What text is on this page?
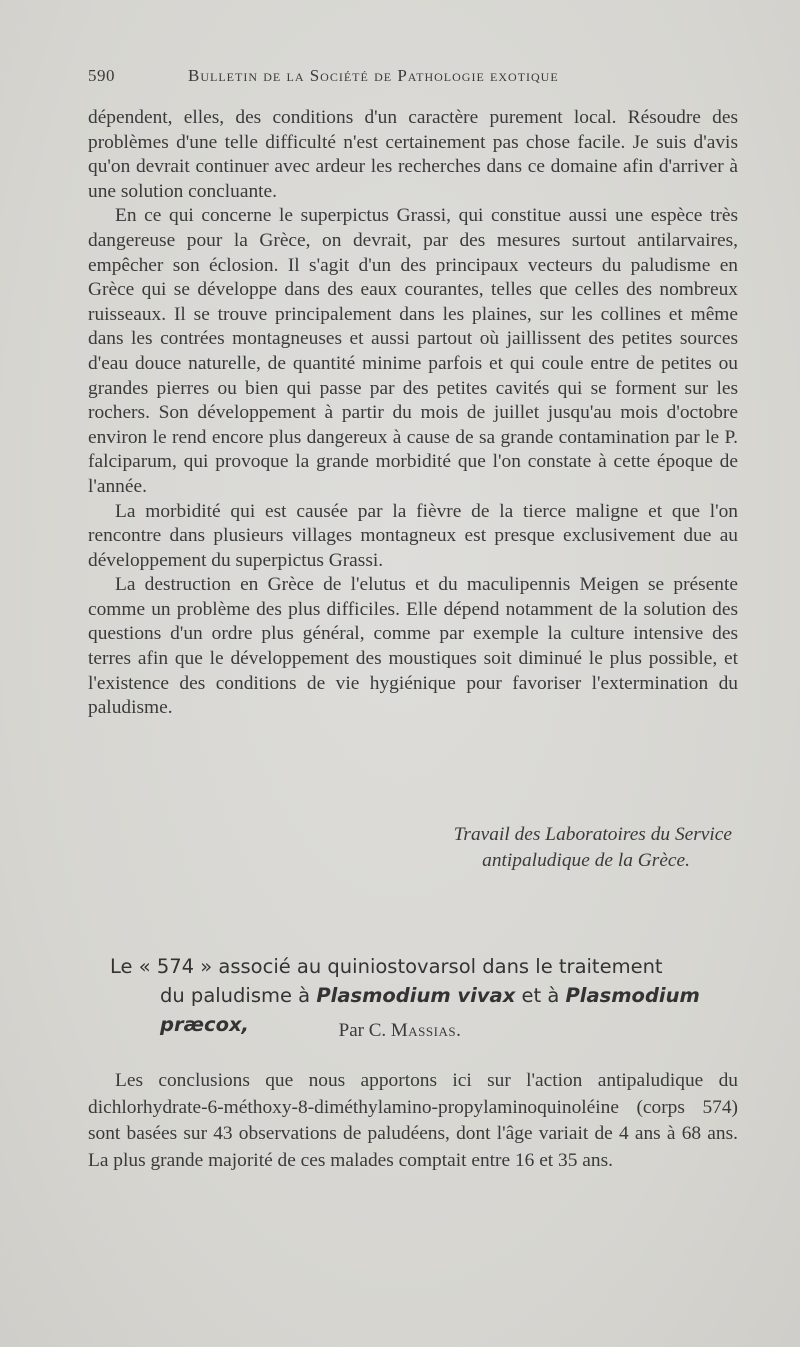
590	Bulletin de la Société de Pathologie exotique

dépendent, elles, des conditions d'un caractère purement local. Résoudre des problèmes d'une telle difficulté n'est certainement pas chose facile. Je suis d'avis qu'on devrait continuer avec ardeur les recherches dans ce domaine afin d'arriver à une solution concluante.

En ce qui concerne le superpictus Grassi, qui constitue aussi une espèce très dangereuse pour la Grèce, on devrait, par des mesures surtout antilarvaires, empêcher son éclosion. Il s'agit d'un des principaux vecteurs du paludisme en Grèce qui se développe dans des eaux courantes, telles que celles des nombreux ruisseaux. Il se trouve principalement dans les plaines, sur les collines et même dans les contrées montagneuses et aussi partout où jaillissent des petites sources d'eau douce naturelle, de quantité minime parfois et qui coule entre de petites ou grandes pierres ou bien qui passe par des petites cavités qui se forment sur les rochers. Son développement à partir du mois de juillet jusqu'au mois d'octobre environ le rend encore plus dangereux à cause de sa grande contamination par le P. falciparum, qui provoque la grande morbidité que l'on constate à cette époque de l'année.

La morbidité qui est causée par la fièvre de la tierce maligne et que l'on rencontre dans plusieurs villages montagneux est presque exclusivement due au développement du superpictus Grassi.

La destruction en Grèce de l'elutus et du maculipennis Meigen se présente comme un problème des plus difficiles. Elle dépend notamment de la solution des questions d'un ordre plus général, comme par exemple la culture intensive des terres afin que le développement des moustiques soit diminué le plus possible, et l'existence des conditions de vie hygiénique pour favoriser l'extermination du paludisme.

Travail des Laboratoires du Service
antipaludique de la Grèce.
Le « 574 » associé au quiniostovarsol dans le traitement
du paludisme à Plasmodium vivax et à Plasmodium præcox,	Par C. Massias.

Les conclusions que nous apportons ici sur l'action antipaludique du dichlorhydrate-6-méthoxy-8-diméthylamino-propylaminoquinoléine (corps 574) sont basées sur 43 observations de paludéens, dont l'âge variait de 4 ans à 68 ans. La plus grande majorité de ces malades comptait entre 16 et 35 ans.
